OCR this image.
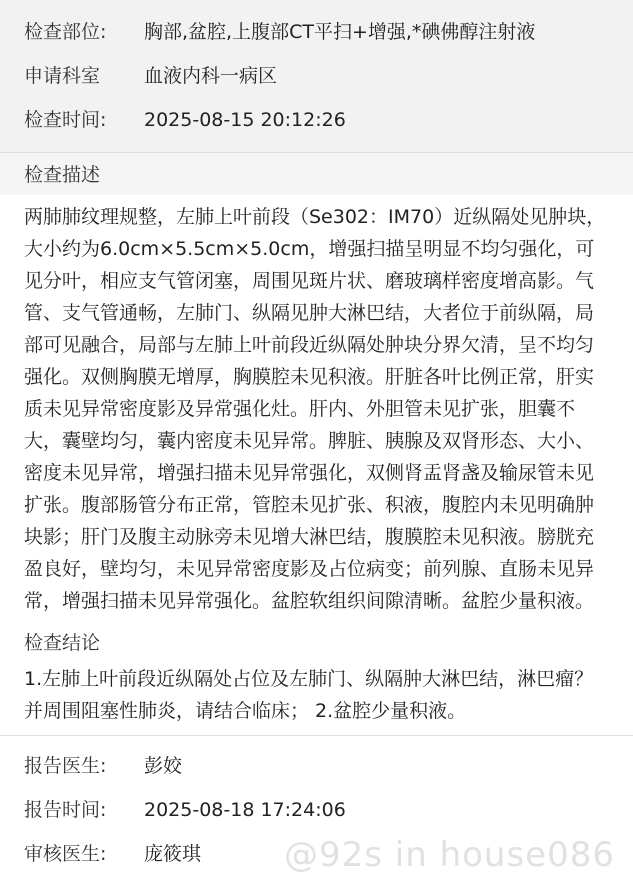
检查部位:	胸部,盆腔,上腹部CT平扫+增强,*碘佛醇注射液
申请科室	血液内科一病区
检查时间:	2025-08-15 20:12:26
检查描述
两肺肺纹理规整，左肺上叶前段（Se302：IM70）近纵隔处见肿块，大小约为6.0cm×5.5cm×5.0cm，增强扫描呈明显不均匀强化，可见分叶，相应支气管闭塞，周围见斑片状、磨玻璃样密度增高影。气管、支气管通畅，左肺门、纵隔见肿大淋巴结，大者位于前纵隔，局部可见融合，局部与左肺上叶前段近纵隔处肿块分界欠清，呈不均匀强化。双侧胸膜无增厚，胸膜腔未见积液。肝脏各叶比例正常，肝实质未见异常密度影及异常强化灶。肝内、外胆管未见扩张，胆囊不大，囊壁均匀，囊内密度未见异常。脾脏、胰腺及双肾形态、大小、密度未见异常，增强扫描未见异常强化，双侧肾盂肾盏及输尿管未见扩张。腹部肠管分布正常，管腔未见扩张、积液，腹腔内未见明确肿块影；肝门及腹主动脉旁未见增大淋巴结，腹膜腔未见积液。膀胱充盈良好，壁均匀，未见异常密度影及占位病变；前列腺、直肠未见异常，增强扫描未见异常强化。盆腔软组织间隙清晰。盆腔少量积液。
检查结论
1.左肺上叶前段近纵隔处占位及左肺门、纵隔肿大淋巴结，淋巴瘤？并周围阻塞性肺炎，请结合临床； 2.盆腔少量积液。
报告医生:	彭姣
报告时间:	2025-08-18 17:24:06
审核医生:	庞筱琪	@92s in house086
